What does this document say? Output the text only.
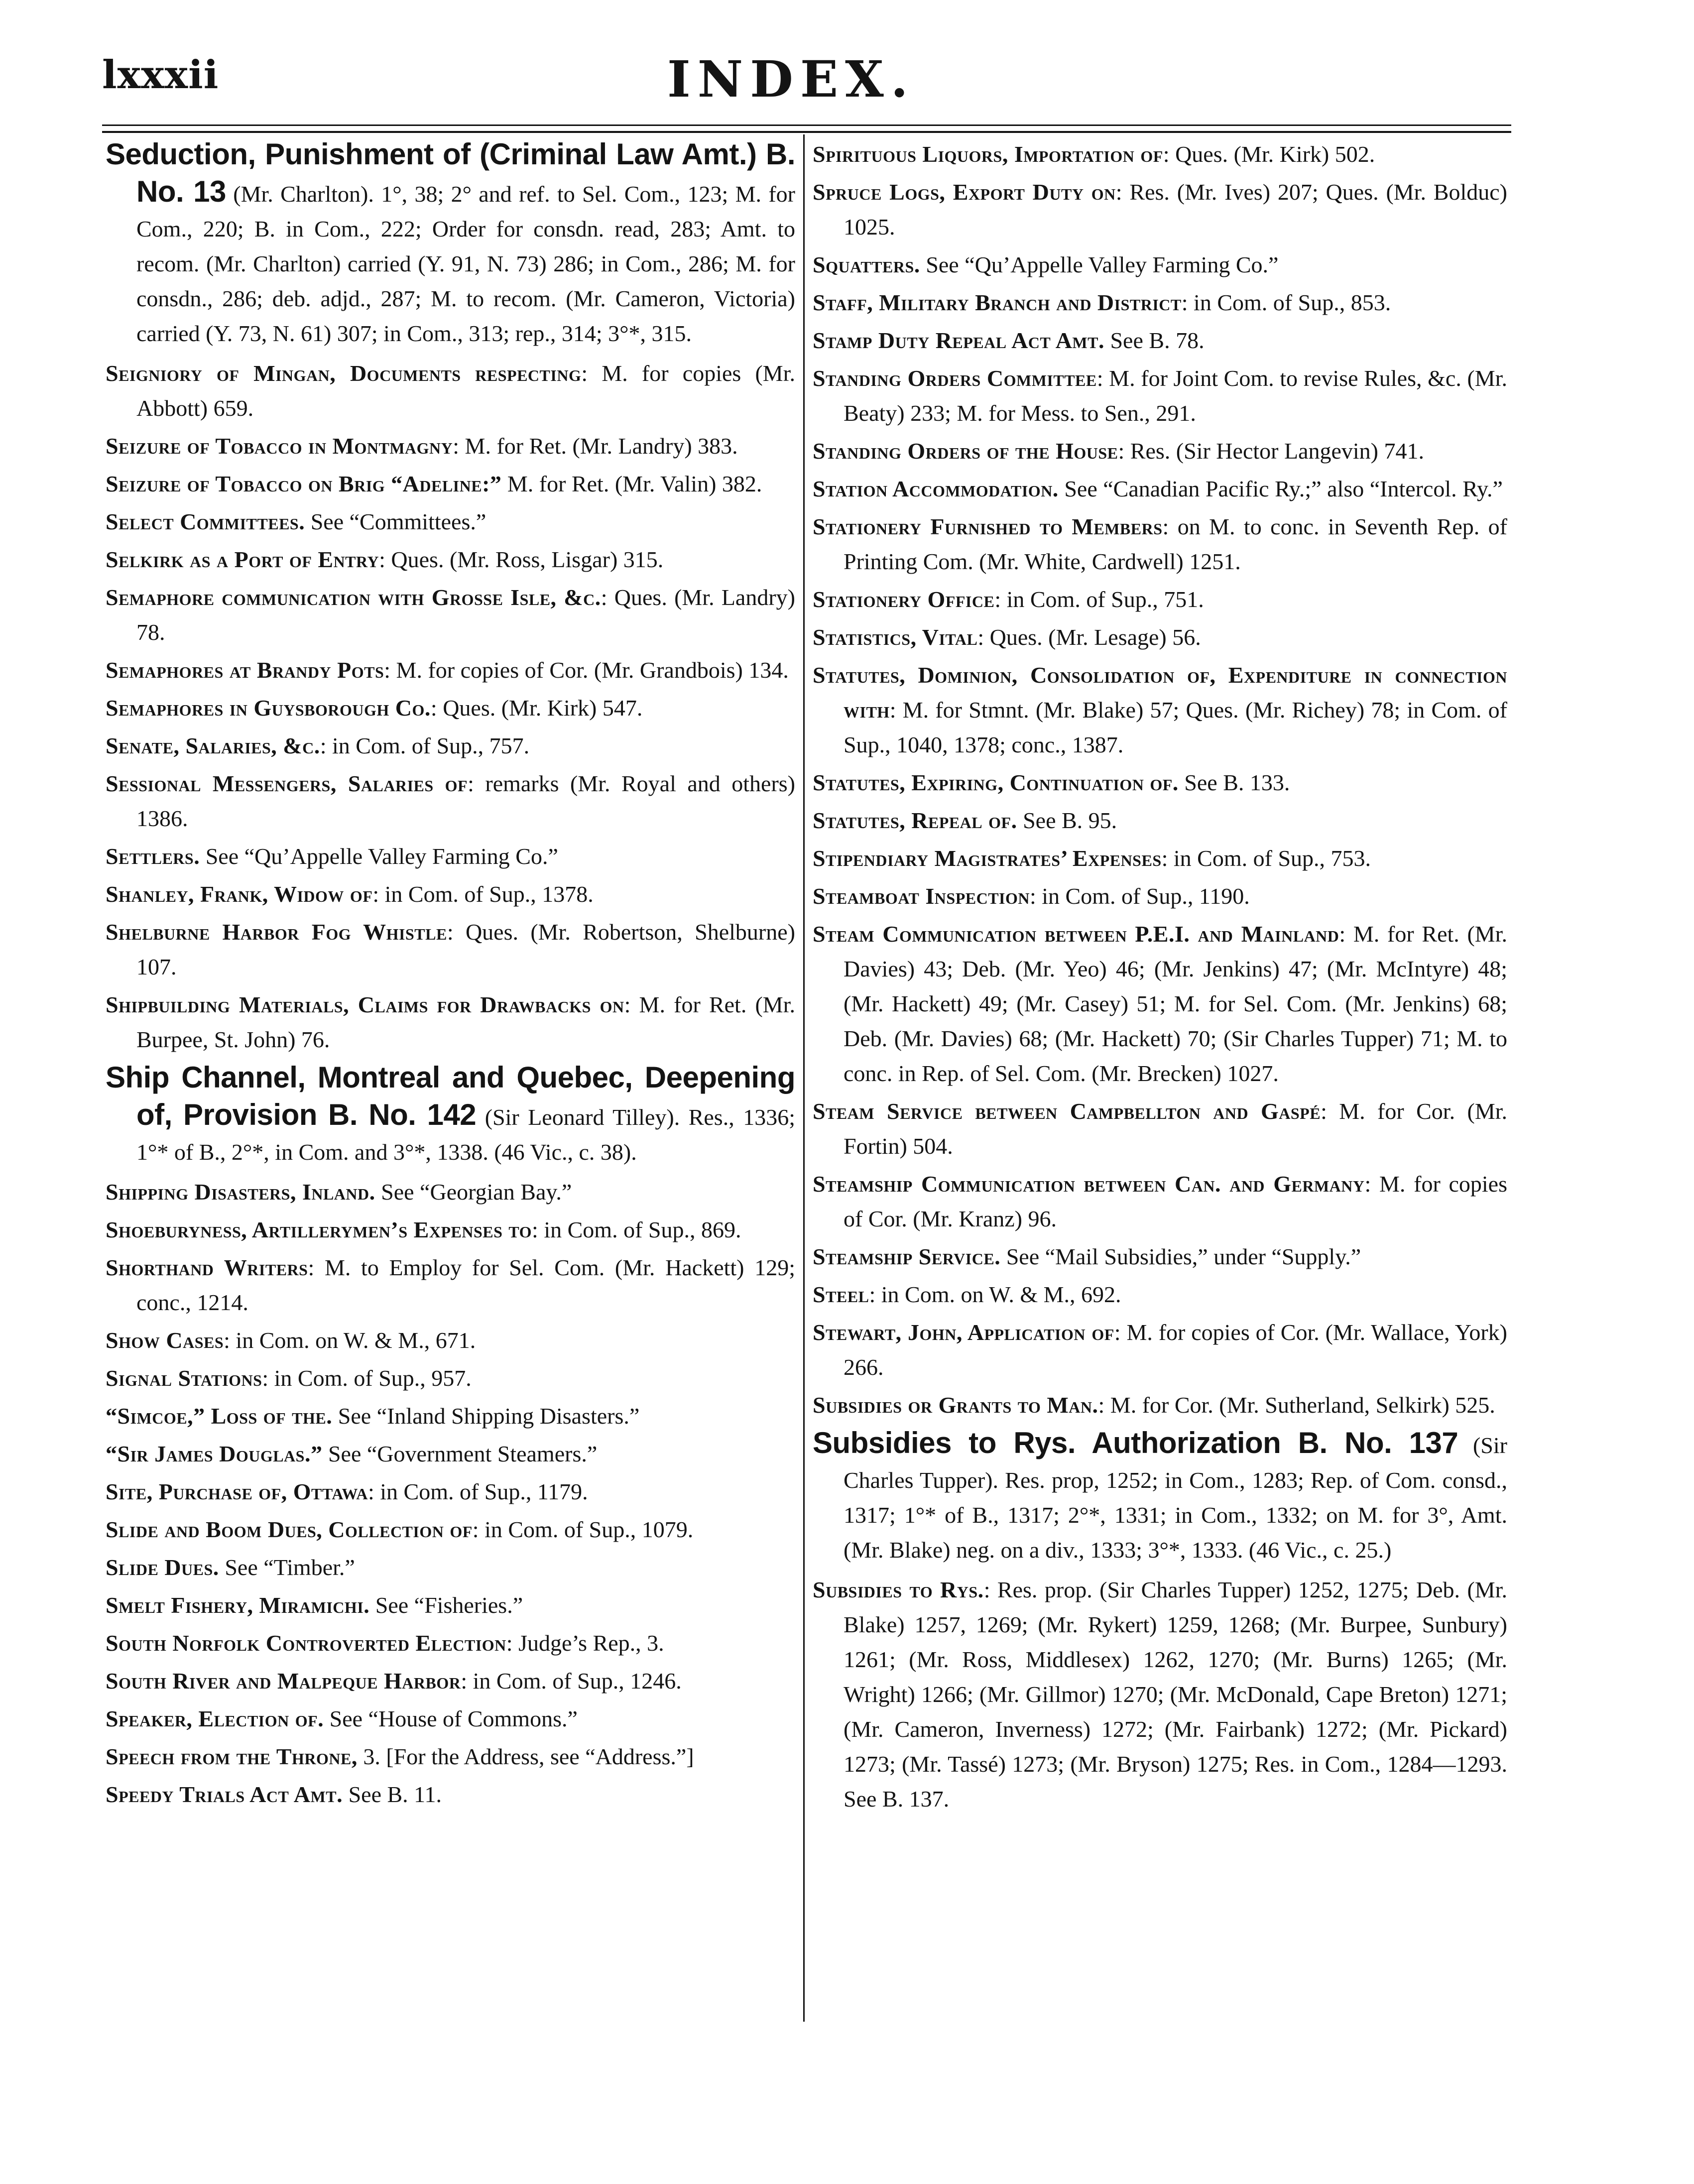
lxxxii	INDEX.
Seduction, Punishment of (Criminal Law Amt.) B. No. 13 (Mr. Charlton). 1°, 38; 2° and ref. to Sel. Com., 123; M. for Com., 220; B. in Com., 222; Order for consdn. read, 283; Amt. to recom. (Mr. Charlton) carried (Y. 91, N. 73) 286; in Com., 286; M. for consdn., 286; deb. adjd., 287; M. to recom. (Mr. Cameron, Victoria) carried (Y. 73, N. 61) 307; in Com., 313; rep., 314; 3°*, 315.
Seigniory of Mingan, Documents respecting: M. for copies (Mr. Abbott) 659.
Seizure of Tobacco in Montmagny: M. for Ret. (Mr. Landry) 383.
Seizure of Tobacco on Brig “Adeline:” M. for Ret. (Mr. Valin) 382.
Select Committees. See “Committees.”
Selkirk as a Port of Entry: Ques. (Mr. Ross, Lisgar) 315.
Semaphore communication with Grosse Isle, &c.: Ques. (Mr. Landry) 78.
Semaphores at Brandy Pots: M. for copies of Cor. (Mr. Grandbois) 134.
Semaphores in Guysborough Co.: Ques. (Mr. Kirk) 547.
Senate, Salaries, &c.: in Com. of Sup., 757.
Sessional Messengers, Salaries of: remarks (Mr. Royal and others) 1386.
Settlers. See “Qu’Appelle Valley Farming Co.”
Shanley, Frank, Widow of: in Com. of Sup., 1378.
Shelburne Harbor Fog Whistle: Ques. (Mr. Robertson, Shelburne) 107.
Shipbuilding Materials, Claims for Drawbacks on: M. for Ret. (Mr. Burpee, St. John) 76.
Ship Channel, Montreal and Quebec, Deepening of, Provision B. No. 142 (Sir Leonard Tilley). Res., 1336; 1°* of B., 2°*, in Com. and 3°*, 1338. (46 Vic., c. 38).
Shipping Disasters, Inland. See “Georgian Bay.”
Shoeburyness, Artillerymen’s Expenses to: in Com. of Sup., 869.
Shorthand Writers: M. to Employ for Sel. Com. (Mr. Hackett) 129; conc., 1214.
Show Cases: in Com. on W. & M., 671.
Signal Stations: in Com. of Sup., 957.
“Simcoe,” Loss of the. See “Inland Shipping Disasters.”
“Sir James Douglas.” See “Government Steamers.”
Site, Purchase of, Ottawa: in Com. of Sup., 1179.
Slide and Boom Dues, Collection of: in Com. of Sup., 1079.
Slide Dues. See “Timber.”
Smelt Fishery, Miramichi. See “Fisheries.”
South Norfolk Controverted Election: Judge’s Rep., 3.
South River and Malpeque Harbor: in Com. of Sup., 1246.
Speaker, Election of. See “House of Commons.”
Speech from the Throne, 3. [For the Address, see “Address.”]
Speedy Trials Act Amt. See B. 11.
Spirituous Liquors, Importation of: Ques. (Mr. Kirk) 502.
Spruce Logs, Export Duty on: Res. (Mr. Ives) 207; Ques. (Mr. Bolduc) 1025.
Squatters. See “Qu’Appelle Valley Farming Co.”
Staff, Military Branch and District: in Com. of Sup., 853.
Stamp Duty Repeal Act Amt. See B. 78.
Standing Orders Committee: M. for Joint Com. to revise Rules, &c. (Mr. Beaty) 233; M. for Mess. to Sen., 291.
Standing Orders of the House: Res. (Sir Hector Langevin) 741.
Station Accommodation. See “Canadian Pacific Ry.;” also “Intercol. Ry.”
Stationery Furnished to Members: on M. to conc. in Seventh Rep. of Printing Com. (Mr. White, Cardwell) 1251.
Stationery Office: in Com. of Sup., 751.
Statistics, Vital: Ques. (Mr. Lesage) 56.
Statutes, Dominion, Consolidation of, Expenditure in connection with: M. for Stmnt. (Mr. Blake) 57; Ques. (Mr. Richey) 78; in Com. of Sup., 1040, 1378; conc., 1387.
Statutes, Expiring, Continuation of. See B. 133.
Statutes, Repeal of. See B. 95.
Stipendiary Magistrates’ Expenses: in Com. of Sup., 753.
Steamboat Inspection: in Com. of Sup., 1190.
Steam Communication between P.E.I. and Mainland: M. for Ret. (Mr. Davies) 43; Deb. (Mr. Yeo) 46; (Mr. Jenkins) 47; (Mr. McIntyre) 48; (Mr. Hackett) 49; (Mr. Casey) 51; M. for Sel. Com. (Mr. Jenkins) 68; Deb. (Mr. Davies) 68; (Mr. Hackett) 70; (Sir Charles Tupper) 71; M. to conc. in Rep. of Sel. Com. (Mr. Brecken) 1027.
Steam Service between Campbellton and Gaspé: M. for Cor. (Mr. Fortin) 504.
Steamship Communication between Can. and Germany: M. for copies of Cor. (Mr. Kranz) 96.
Steamship Service. See “Mail Subsidies,” under “Supply.”
Steel: in Com. on W. & M., 692.
Stewart, John, Application of: M. for copies of Cor. (Mr. Wallace, York) 266.
Subsidies or Grants to Man.: M. for Cor. (Mr. Sutherland, Selkirk) 525.
Subsidies to Rys. Authorization B. No. 137 (Sir Charles Tupper). Res. prop, 1252; in Com., 1283; Rep. of Com. consd., 1317; 1°* of B., 1317; 2°*, 1331; in Com., 1332; on M. for 3°, Amt. (Mr. Blake) neg. on a div., 1333; 3°*, 1333. (46 Vic., c. 25.)
Subsidies to Rys.: Res. prop. (Sir Charles Tupper) 1252, 1275; Deb. (Mr. Blake) 1257, 1269; (Mr. Rykert) 1259, 1268; (Mr. Burpee, Sunbury) 1261; (Mr. Ross, Middlesex) 1262, 1270; (Mr. Burns) 1265; (Mr. Wright) 1266; (Mr. Gillmor) 1270; (Mr. McDonald, Cape Breton) 1271; (Mr. Cameron, Inverness) 1272; (Mr. Fairbank) 1272; (Mr. Pickard) 1273; (Mr. Tassé) 1273; (Mr. Bryson) 1275; Res. in Com., 1284—1293. See B. 137.
